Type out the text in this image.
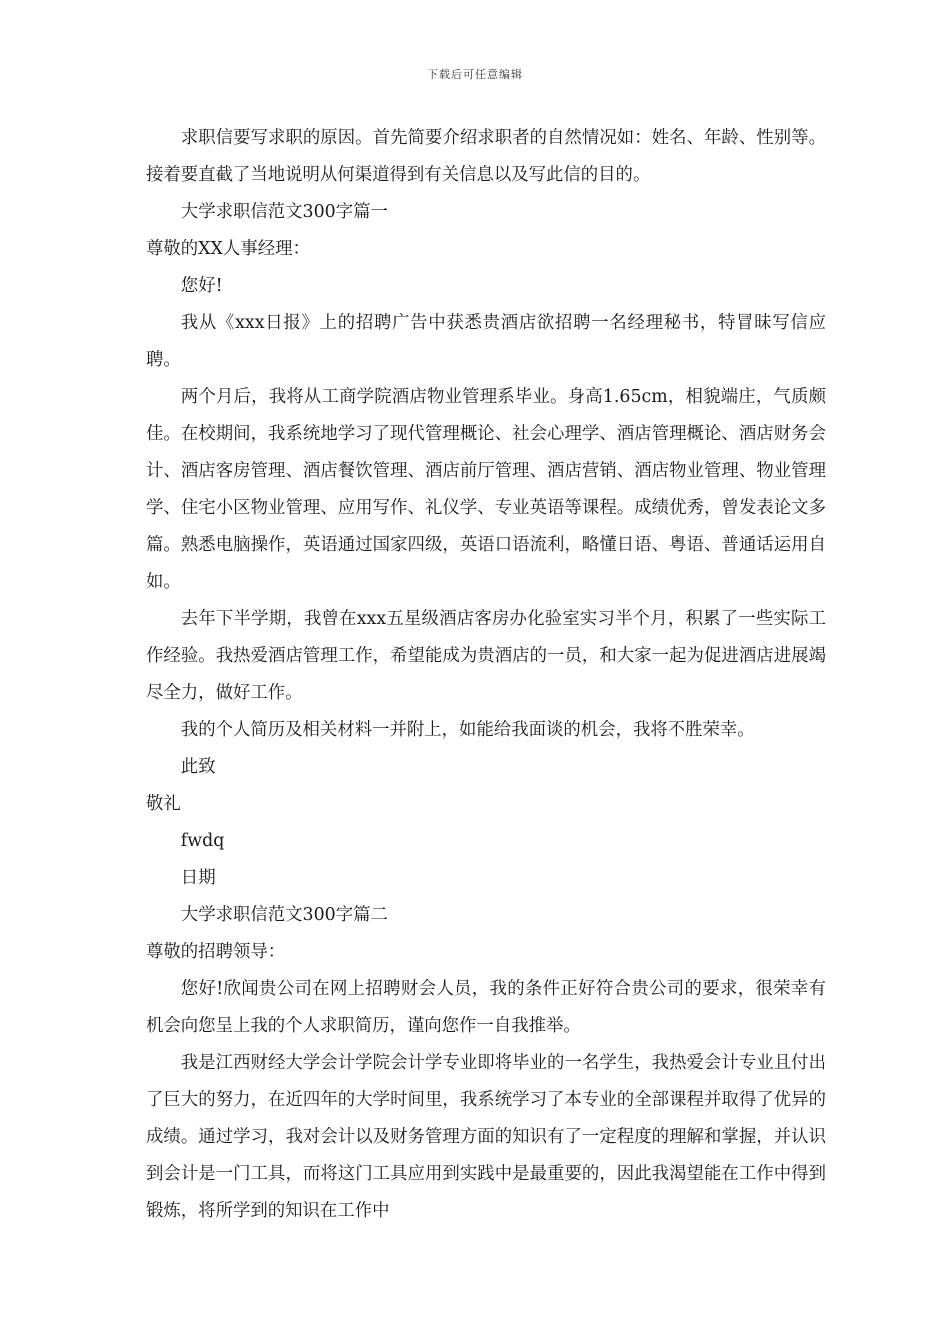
下载后可任意编辑

求职信要写求职的原因。首先简要介绍求职者的自然情况如：姓名、年龄、性别等。接着要直截了当地说明从何渠道得到有关信息以及写此信的目的。

大学求职信范文300字篇一

尊敬的XX人事经理：

您好!

我从《xxx日报》上的招聘广告中获悉贵酒店欲招聘一名经理秘书，特冒昧写信应聘。

两个月后，我将从工商学院酒店物业管理系毕业。身高1.65cm，相貌端庄，气质颇佳。在校期间，我系统地学习了现代管理概论、社会心理学、酒店管理概论、酒店财务会计、酒店客房管理、酒店餐饮管理、酒店前厅管理、酒店营销、酒店物业管理、物业管理学、住宅小区物业管理、应用写作、礼仪学、专业英语等课程。成绩优秀，曾发表论文多篇。熟悉电脑操作，英语通过国家四级，英语口语流利，略懂日语、粤语、普通话运用自如。

去年下半学期，我曾在xxx五星级酒店客房办化验室实习半个月，积累了一些实际工作经验。我热爱酒店管理工作，希望能成为贵酒店的一员，和大家一起为促进酒店进展竭尽全力，做好工作。

我的个人简历及相关材料一并附上，如能给我面谈的机会，我将不胜荣幸。

此致

敬礼

fwdq

日期

大学求职信范文300字篇二

尊敬的招聘领导：

您好!欣闻贵公司在网上招聘财会人员，我的条件正好符合贵公司的要求，很荣幸有机会向您呈上我的个人求职简历，谨向您作一自我推举。

我是江西财经大学会计学院会计学专业即将毕业的一名学生，我热爱会计专业且付出了巨大的努力，在近四年的大学时间里，我系统学习了本专业的全部课程并取得了优异的成绩。通过学习，我对会计以及财务管理方面的知识有了一定程度的理解和掌握，并认识到会计是一门工具，而将这门工具应用到实践中是最重要的，因此我渴望能在工作中得到锻炼，将所学到的知识在工作中
